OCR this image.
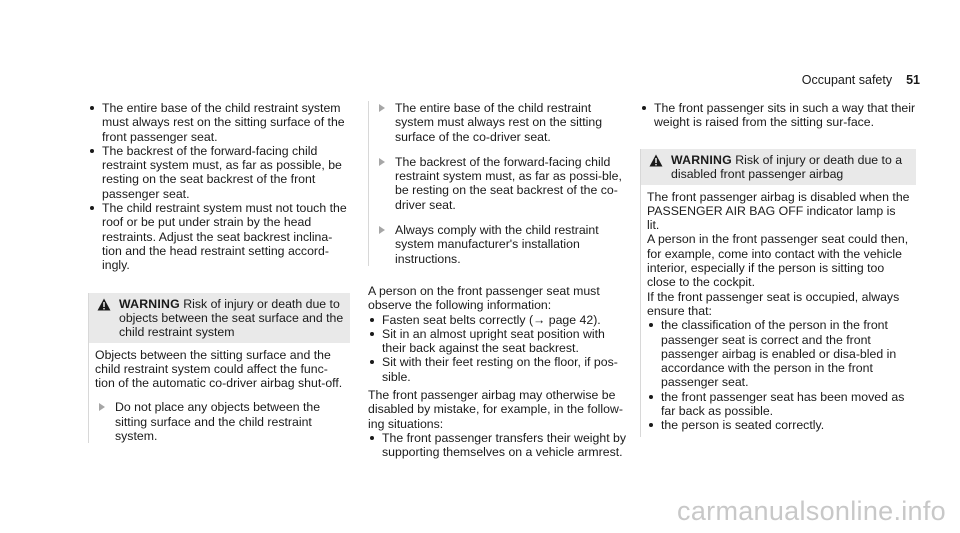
Occupant safety 51
The entire base of the child restraint system must always rest on the sitting surface of the front passenger seat.
The backrest of the forward-facing child restraint system must, as far as possible, be resting on the seat backrest of the front passenger seat.
The child restraint system must not touch the roof or be put under strain by the head restraints. Adjust the seat backrest inclina-tion and the head restraint setting accord-ingly.
WARNING Risk of injury or death due to objects between the seat surface and the child restraint system

Objects between the sitting surface and the child restraint system could affect the func-tion of the automatic co-driver airbag shut-off.

Do not place any objects between the sitting surface and the child restraint system.
The entire base of the child restraint system must always rest on the sitting surface of the co-driver seat.
The backrest of the forward-facing child restraint system must, as far as possi-ble, be resting on the seat backrest of the co-driver seat.
Always comply with the child restraint system manufacturer's installation instructions.

A person on the front passenger seat must observe the following information:

Fasten seat belts correctly (→ page 42).
Sit in an almost upright seat position with their back against the seat backrest.
Sit with their feet resting on the floor, if pos-sible.

The front passenger airbag may otherwise be disabled by mistake, for example, in the follow-ing situations:

The front passenger transfers their weight by supporting themselves on a vehicle armrest.
The front passenger sits in such a way that their weight is raised from the sitting sur-face.
WARNING Risk of injury or death due to a disabled front passenger airbag

The front passenger airbag is disabled when the PASSENGER AIR BAG OFF indicator lamp is lit.

A person in the front passenger seat could then, for example, come into contact with the vehicle interior, especially if the person is sitting too close to the cockpit.

If the front passenger seat is occupied, always ensure that:

the classification of the person in the front passenger seat is correct and the front passenger airbag is enabled or disa-bled in accordance with the person in the front passenger seat.
the front passenger seat has been moved as far back as possible.
the person is seated correctly.
carmanualsonline.info
